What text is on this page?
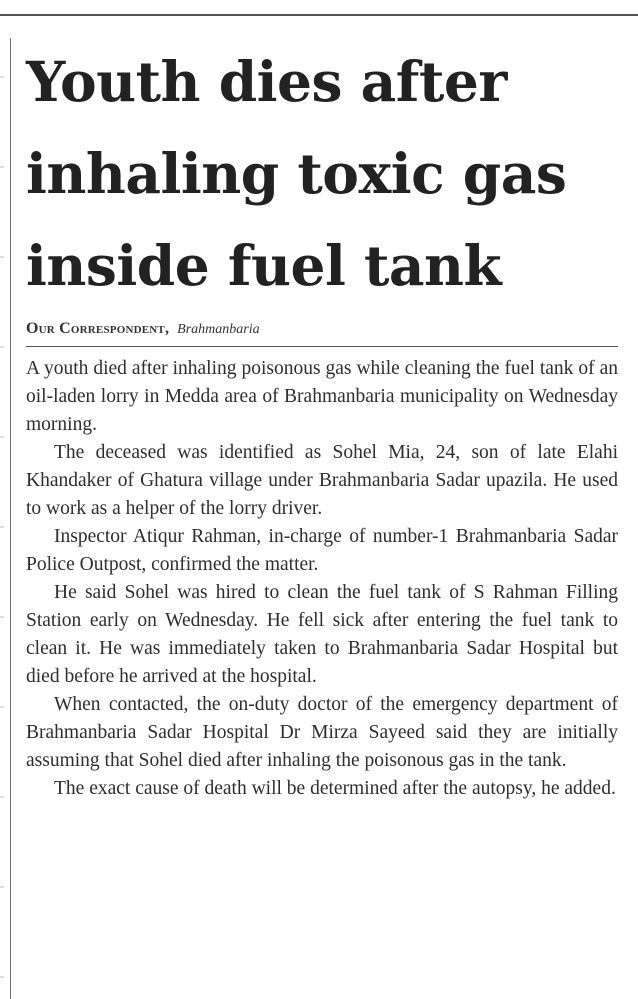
Youth dies after
inhaling toxic gas
inside fuel tank
Our Correspondent, Brahmanbaria

A youth died after inhaling poisonous gas while cleaning the fuel tank of an oil-laden lorry in Medda area of Brahmanbaria municipality on Wednesday morning.

The deceased was identified as Sohel Mia, 24, son of late Elahi Khandaker of Ghatura village under Brahmanbaria Sadar upazila. He used to work as a helper of the lorry driver.

Inspector Atiqur Rahman, in-charge of number-1 Brahmanbaria Sadar Police Outpost, confirmed the matter.

He said Sohel was hired to clean the fuel tank of S Rahman Filling Station early on Wednesday. He fell sick after entering the fuel tank to clean it. He was immediately taken to Brahmanbaria Sadar Hospital but died before he arrived at the hospital.

When contacted, the on-duty doctor of the emergency department of Brahmanbaria Sadar Hospital Dr Mirza Sayeed said they are initially assuming that Sohel died after inhaling the poisonous gas in the tank.

The exact cause of death will be determined after the autopsy, he added.
